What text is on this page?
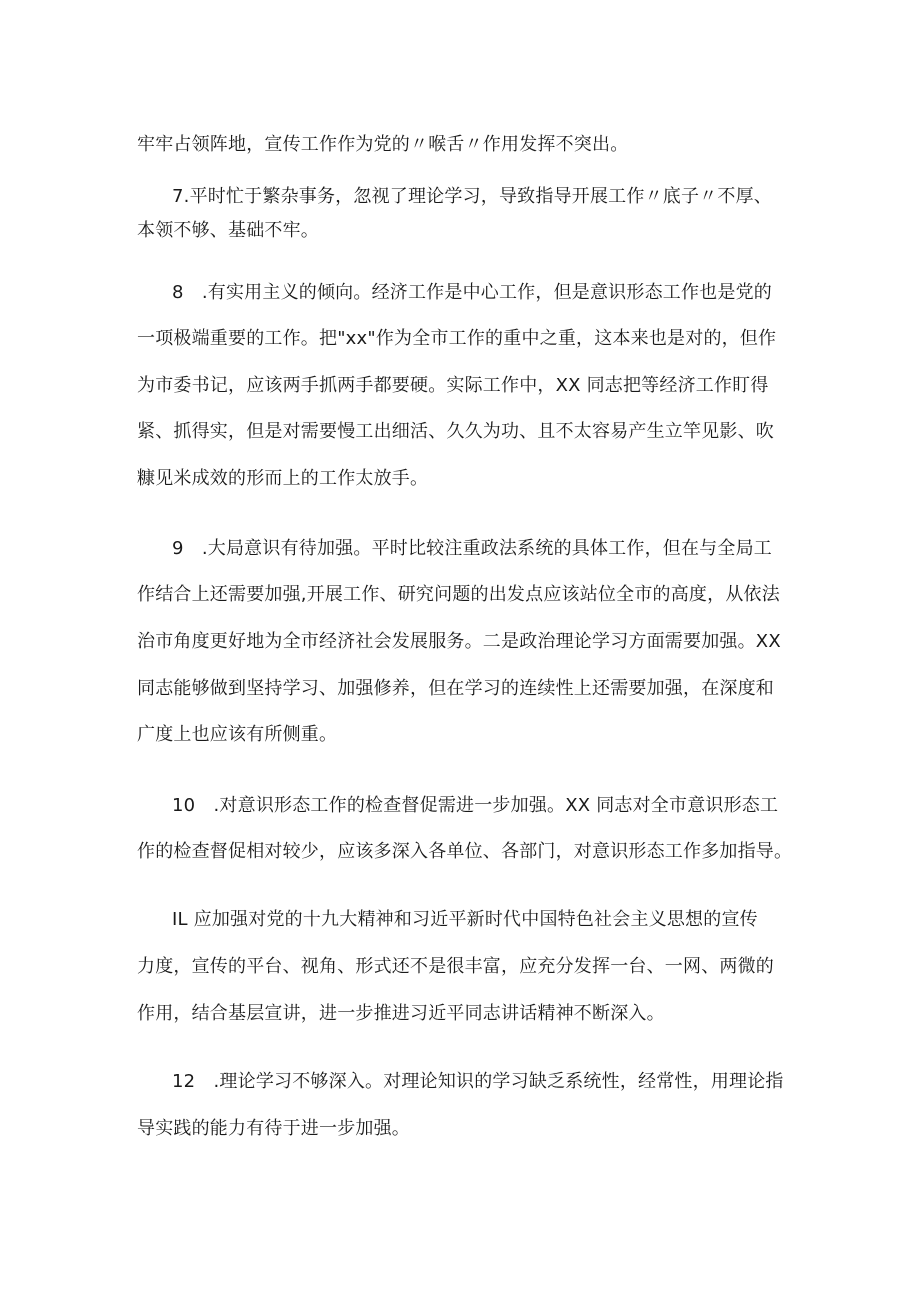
牢牢占领阵地，宣传工作作为党的〃喉舌〃作用发挥不突出。
7.平时忙于繁杂事务，忽视了理论学习，导致指导开展工作〃底子〃不厚、
本领不够、基础不牢。
8　.有实用主义的倾向。经济工作是中心工作，但是意识形态工作也是党的
一项极端重要的工作。把"xx"作为全市工作的重中之重，这本来也是对的，但作
为市委书记，应该两手抓两手都要硬。实际工作中，XX 同志把等经济工作盯得
紧、抓得实，但是对需要慢工出细活、久久为功、且不太容易产生立竿见影、吹
糠见米成效的形而上的工作太放手。
9　.大局意识有待加强。平时比较注重政法系统的具体工作，但在与全局工
作结合上还需要加强,开展工作、研究问题的出发点应该站位全市的高度，从依法
治市角度更好地为全市经济社会发展服务。二是政治理论学习方面需要加强。XX
同志能够做到坚持学习、加强修养，但在学习的连续性上还需要加强，在深度和
广度上也应该有所侧重。
10　.对意识形态工作的检查督促需进一步加强。XX 同志对全市意识形态工
作的检查督促相对较少，应该多深入各单位、各部门，对意识形态工作多加指导。
IL 应加强对党的十九大精神和习近平新时代中国特色社会主义思想的宣传
力度，宣传的平台、视角、形式还不是很丰富，应充分发挥一台、一网、两微的
作用，结合基层宣讲，进一步推进习近平同志讲话精神不断深入。
12　.理论学习不够深入。对理论知识的学习缺乏系统性，经常性，用理论指
导实践的能力有待于进一步加强。
